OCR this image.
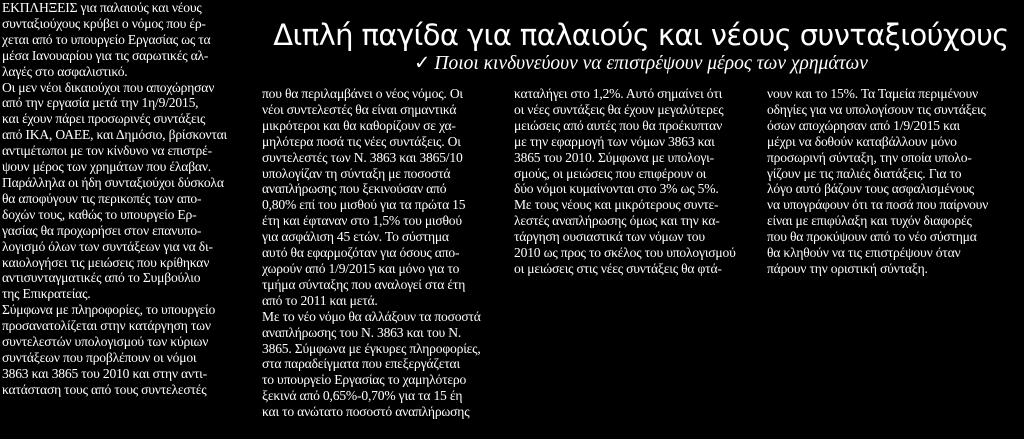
ΕΚΠΛΗΞΕΙΣ για παλαιούς και νέους
συνταξιούχους κρύβει ο νόμος που έρ-
χεται από το υπουργείο Εργασίας ως τα
μέσα Ιανουαρίου για τις σαρωτικές αλ-
λαγές στο ασφαλιστικό.
Οι μεν νέοι δικαιούχοι που αποχώρησαν
από την εργασία μετά την 1η/9/2015,
και έχουν πάρει προσωρινές συντάξεις
από ΙΚΑ, ΟΑΕΕ, και Δημόσιο, βρίσκονται
αντιμέτωποι με τον κίνδυνο να επιστρέ-
ψουν μέρος των χρημάτων που έλαβαν.
Παράλληλα οι ήδη συνταξιούχοι δύσκολα
θα αποφύγουν τις περικοπές των απο-
δοχών τους, καθώς το υπουργείο Ερ-
γασίας θα προχωρήσει στον επανυπο-
λογισμό όλων των συντάξεων για να δι-
καιολογήσει τις μειώσεις που κρίθηκαν
αντισυνταγματικές από το Συμβούλιο
της Επικρατείας.
Σύμφωνα με πληροφορίες, το υπουργείο
προσανατολίζεται στην κατάργηση των
συντελεστών υπολογισμού των κύριων
συντάξεων που προβλέπουν οι νόμοι
3863 και 3865 του 2010 και στην αντι-
κατάσταση τους από τους συντελεστές
Διπλή παγίδα για παλαιούς και νέους συνταξιούχους
✓ Ποιοι κινδυνεύουν να επιστρέψουν μέρος των χρημάτων
που θα περιλαμβάνει ο νέος νόμος. Οι
νέοι συντελεστές θα είναι σημαντικά
μικρότεροι και θα καθορίζουν σε χα-
μηλότερα ποσά τις νέες συντάξεις. Οι
συντελεστές των Ν. 3863 και 3865/10
υπολογίζαν τη σύνταξη με ποσοστά
αναπλήρωσης που ξεκινούσαν από
0,80% επί του μισθού για τα πρώτα 15
έτη και έφταναν στο 1,5% του μισθού
για ασφάλιση 45 ετών. Το σύστημα
αυτό θα εφαρμοζόταν για όσους απο-
χωρούν από 1/9/2015 και μόνο για το
τμήμα σύνταξης που αναλογεί στα έτη
από το 2011 και μετά.
Με το νέο νόμο θα αλλάξουν τα ποσοστά
αναπλήρωσης του Ν. 3863 και του Ν.
3865. Σύμφωνα με έγκυρες πληροφορίες,
στα παραδείγματα που επεξεργάζεται
το υπουργείο Εργασίας το χαμηλότερο
ξεκινά από 0,65%-0,70% για τα 15 έη
και το ανώτατο ποσοστό αναπλήρωσης
καταλήγει στο 1,2%. Αυτό σημαίνει ότι
οι νέες συντάξεις θα έχουν μεγαλύτερες
μειώσεις από αυτές που θα προέκυπταν
με την εφαρμογή των νόμων 3863 και
3865 του 2010. Σύμφωνα με υπολογι-
σμούς, οι μειώσεις που επιφέρουν οι
δύο νόμοι κυμαίνονται στο 3% ως 5%.
Με τους νέους και μικρότερους συντε-
λεστές αναπλήρωσης όμως και την κα-
τάργηση ουσιαστικά των νόμων του
2010 ως προς το σκέλος του υπολογισμού
οι μειώσεις στις νέες συντάξεις θα φτά-
νουν και το 15%. Τα Ταμεία περιμένουν
οδηγίες για να υπολογίσουν τις συντάξεις
όσων αποχώρησαν από 1/9/2015 και
μέχρι να δοθούν καταβάλλουν μόνο
προσωρινή σύνταξη, την οποία υπολο-
γίζουν με τις παλιές διατάξεις. Για το
λόγο αυτό βάζουν τους ασφαλισμένους
να υπογράφουν ότι τα ποσά που παίρνουν
είναι με επιφύλαξη και τυχόν διαφορές
που θα προκύψουν από το νέο σύστημα
θα κληθούν να τις επιστρέψουν όταν
πάρουν την οριστική σύνταξη.
